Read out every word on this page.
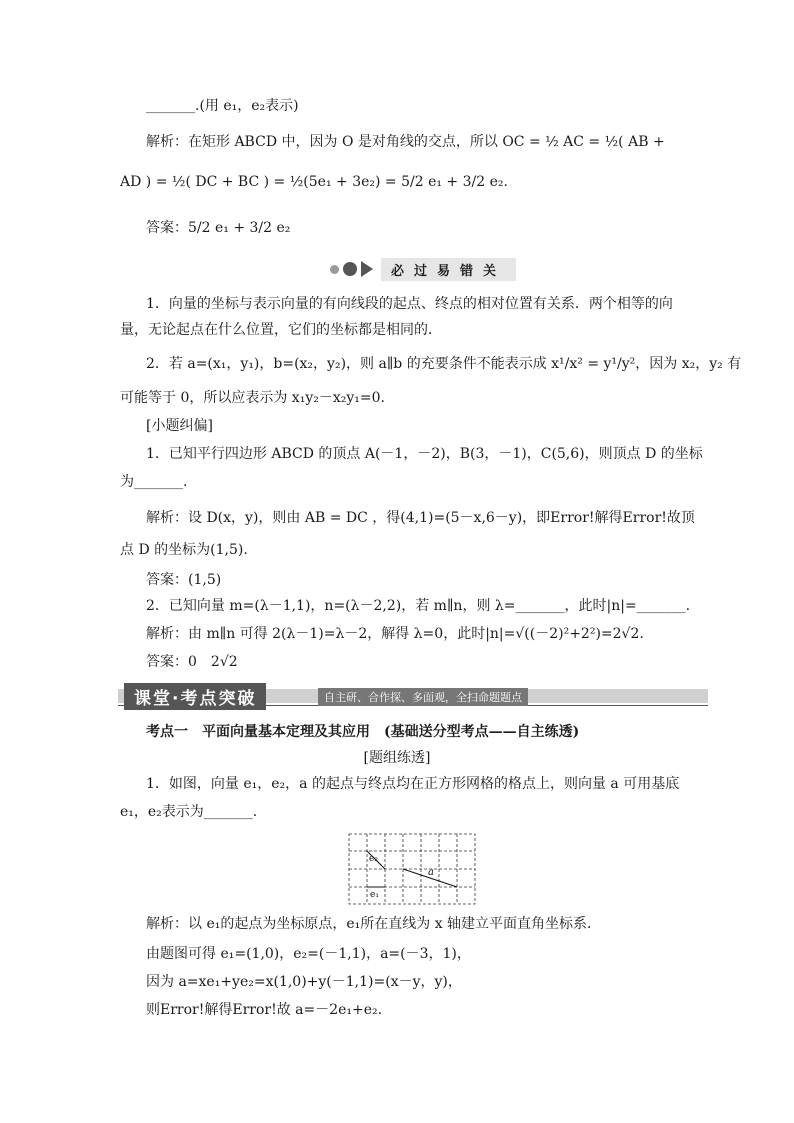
_______.(用 e₁，e₂表示)
解析：在矩形 ABCD 中，因为 O 是对角线的交点，所以 OC = ½ AC = ½( AB +
AD ) = ½( DC + BC ) = ½(5e₁ + 3e₂) = 5/2 e₁ + 3/2 e₂.
答案：5/2 e₁ + 3/2 e₂
必过易错关
1．向量的坐标与表示向量的有向线段的起点、终点的相对位置有关系．两个相等的向
量，无论起点在什么位置，它们的坐标都是相同的．
2．若 a=(x₁，y₁)，b=(x₂，y₂)，则 a∥b 的充要条件不能表示成 x¹/x² = y¹/y²，因为 x₂，y₂ 有
可能等于 0，所以应表示为 x₁y₂－x₂y₁=0.
[小题纠偏]
1．已知平行四边形 ABCD 的顶点 A(－1，－2)，B(3，－1)，C(5,6)，则顶点 D 的坐标
为_______.
解析：设 D(x，y)，则由 AB = DC ，得(4,1)=(5－x,6－y)，即Error!解得Error!故顶
点 D 的坐标为(1,5).
答案：(1,5)
2．已知向量 m=(λ－1,1)，n=(λ－2,2)，若 m∥n，则 λ=_______，此时|n|=_______.
解析：由 m∥n 可得 2(λ－1)=λ－2，解得 λ=0，此时|n|=√((－2)²+2²)=2√2.
答案：0　2√2
课堂·考点突破	自主研、合作探、多面观，全扫命题题点
考点一　平面向量基本定理及其应用　(基础送分型考点——自主练透)
[题组练透]
1．如图，向量 e₁，e₂，a 的起点与终点均在正方形网格的格点上，则向量 a 可用基底
e₁，e₂表示为_______.
e₂
a
e₁
解析：以 e₁的起点为坐标原点，e₁所在直线为 x 轴建立平面直角坐标系．
由题图可得 e₁=(1,0)，e₂=(－1,1)，a=(－3，1)，
因为 a=xe₁+ye₂=x(1,0)+y(－1,1)=(x－y，y)，
则Error!解得Error!故 a=－2e₁+e₂.
